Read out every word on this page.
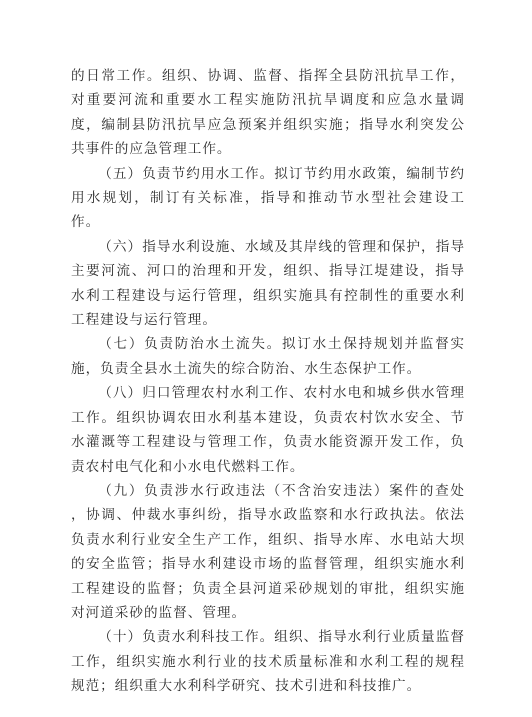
的日常工作。组织、协调、监督、指挥全县防汛抗旱工作，对重要河流和重要水工程实施防汛抗旱调度和应急水量调度，编制县防汛抗旱应急预案并组织实施；指导水利突发公共事件的应急管理工作。

（五）负责节约用水工作。拟订节约用水政策，编制节约用水规划，制订有关标准，指导和推动节水型社会建设工作。

（六）指导水利设施、水域及其岸线的管理和保护，指导主要河流、河口的治理和开发，组织、指导江堤建设，指导水利工程建设与运行管理，组织实施具有控制性的重要水利工程建设与运行管理。

（七）负责防治水土流失。拟订水土保持规划并监督实施，负责全县水土流失的综合防治、水生态保护工作。

（八）归口管理农村水利工作、农村水电和城乡供水管理工作。组织协调农田水利基本建设，负责农村饮水安全、节水灌溉等工程建设与管理工作，负责水能资源开发工作，负责农村电气化和小水电代燃料工作。

（九）负责涉水行政违法（不含治安违法）案件的查处 ，协调、仲裁水事纠纷，指导水政监察和水行政执法。依法负责水利行业安全生产工作，组织、指导水库、水电站大坝的安全监管；指导水利建设市场的监督管理，组织实施水利工程建设的监督；负责全县河道采砂规划的审批，组织实施对河道采砂的监督、管理。

（十）负责水利科技工作。组织、指导水利行业质量监督工作，组织实施水利行业的技术质量标准和水利工程的规程规范；组织重大水利科学研究、技术引进和科技推广。
